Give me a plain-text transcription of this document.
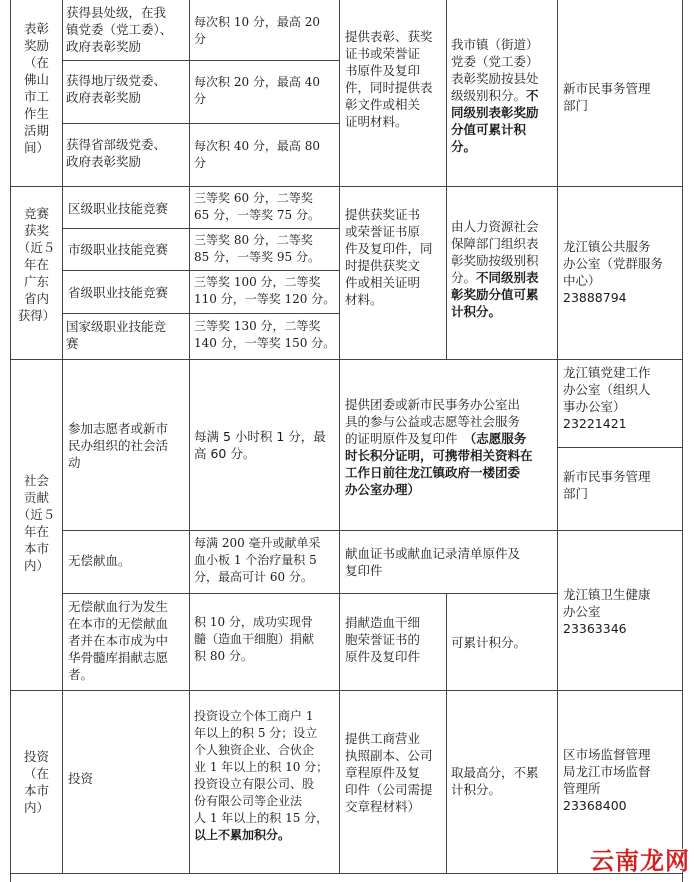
表彰
奖励
（在
佛山
市工
作生
活期
间）
获得县处级，在我
镇党委（党工委）、
政府表彰奖励
每次积 10 分，最高 20
分
获得地厅级党委、
政府表彰奖励
每次积 20 分，最高 40
分
获得省部级党委、
政府表彰奖励
每次积 40 分，最高 80
分
提供表彰、获奖
证书或荣誉证
书原件及复印
件，同时提供表
彰文件或相关
证明材料。
我市镇（街道）
党委（党工委）
表彰奖励按县处
级级别积分。不
同级别表彰奖励
分值可累计积
分。
新市民事务管理
部门
竞赛
获奖
（近５
年在
广东
省内
获得）
区级职业技能竞赛
三等奖 60 分，二等奖
65 分，一等奖 75 分。
市级职业技能竞赛
三等奖 80 分，二等奖
85 分，一等奖 95 分。
省级职业技能竞赛
三等奖 100 分，二等奖
110 分，一等奖 120 分。
国家级职业技能竞
赛
三等奖 130 分，二等奖
140 分，一等奖 150 分。
提供获奖证书
或荣誉证书原
件及复印件，同
时提供获奖文
件或相关证明
材料。
由人力资源社会
保障部门组织表
彰奖励按级别积
分。不同级别表
彰奖励分值可累
计积分。
龙江镇公共服务
办公室（党群服务
中心）
23888794
社会
贡献
（近５
年在
本市
内）
参加志愿者或新市
民办组织的社会活
动
每满 5 小时积 1 分，最
高 60 分。
提供团委或新市民事务办公室出
具的参与公益或志愿等社会服务
的证明原件及复印件　（志愿服务
时长积分证明，可携带相关资料在
工作日前往龙江镇政府一楼团委
办公室办理）
龙江镇党建工作
办公室（组织人
事办公室）
23221421
新市民事务管理
部门
无偿献血。
每满 200 毫升或献单采
血小板 1 个治疗量积 5
分，最高可计 60 分。
献血证书或献血记录清单原件及
复印件
无偿献血行为发生
在本市的无偿献血
者并在本市成为中
华骨髓库捐献志愿
者。
积 10 分，成功实现骨
髓（造血干细胞）捐献
积 80 分。
捐献造血干细
胞荣誉证书的
原件及复印件
可累计积分。
龙江镇卫生健康
办公室
23363346
投资
（在
本市
内）
投资
投资设立个体工商户 1
年以上的积 5 分；设立
个人独资企业、合伙企
业 1 年以上的积 10 分；
投资设立有限公司、股
份有限公司等企业法
人 1 年以上的积 15 分， 以上不累加积分。
提供工商营业
执照副本、公司
章程原件及复
印件（公司需提
交章程材料）
取最高分，不累
计积分。
区市场监督管理
局龙江市场监督
管理所
23368400
云南龙网
